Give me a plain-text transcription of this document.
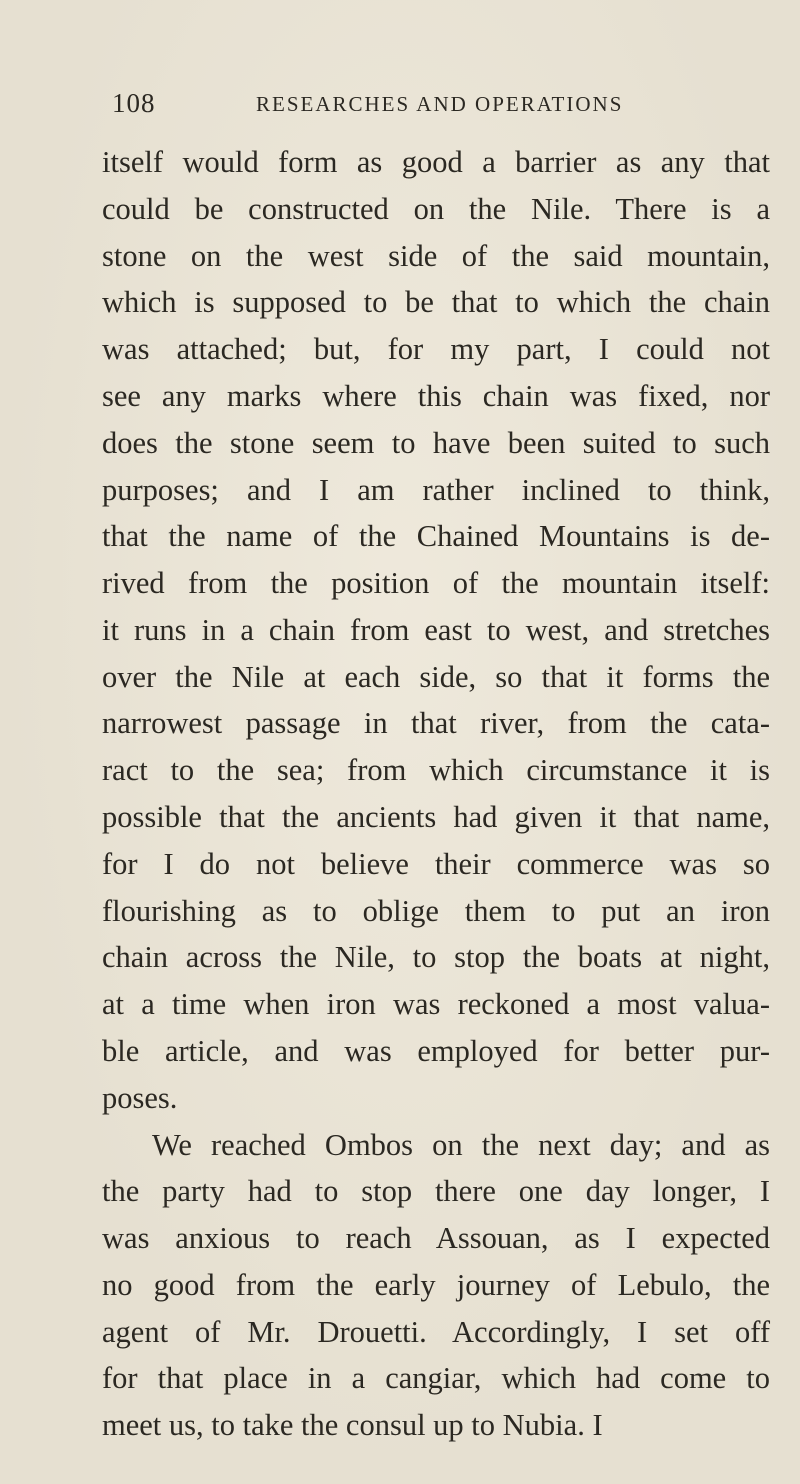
108	RESEARCHES AND OPERATIONS
itself would form as good a barrier as any that
could be constructed on the Nile. There is a
stone on the west side of the said mountain,
which is supposed to be that to which the chain
was attached; but, for my part, I could not
see any marks where this chain was fixed, nor
does the stone seem to have been suited to such
purposes; and I am rather inclined to think,
that the name of the Chained Mountains is de-
rived from the position of the mountain itself:
it runs in a chain from east to west, and stretches
over the Nile at each side, so that it forms the
narrowest passage in that river, from the cata-
ract to the sea; from which circumstance it is
possible that the ancients had given it that name,
for I do not believe their commerce was so
flourishing as to oblige them to put an iron
chain across the Nile, to stop the boats at night,
at a time when iron was reckoned a most valua-
ble article, and was employed for better pur-
poses.
We reached Ombos on the next day; and as
the party had to stop there one day longer, I
was anxious to reach Assouan, as I expected
no good from the early journey of Lebulo, the
agent of Mr. Drouetti. Accordingly, I set off
for that place in a cangiar, which had come to
meet us, to take the consul up to Nubia. I
